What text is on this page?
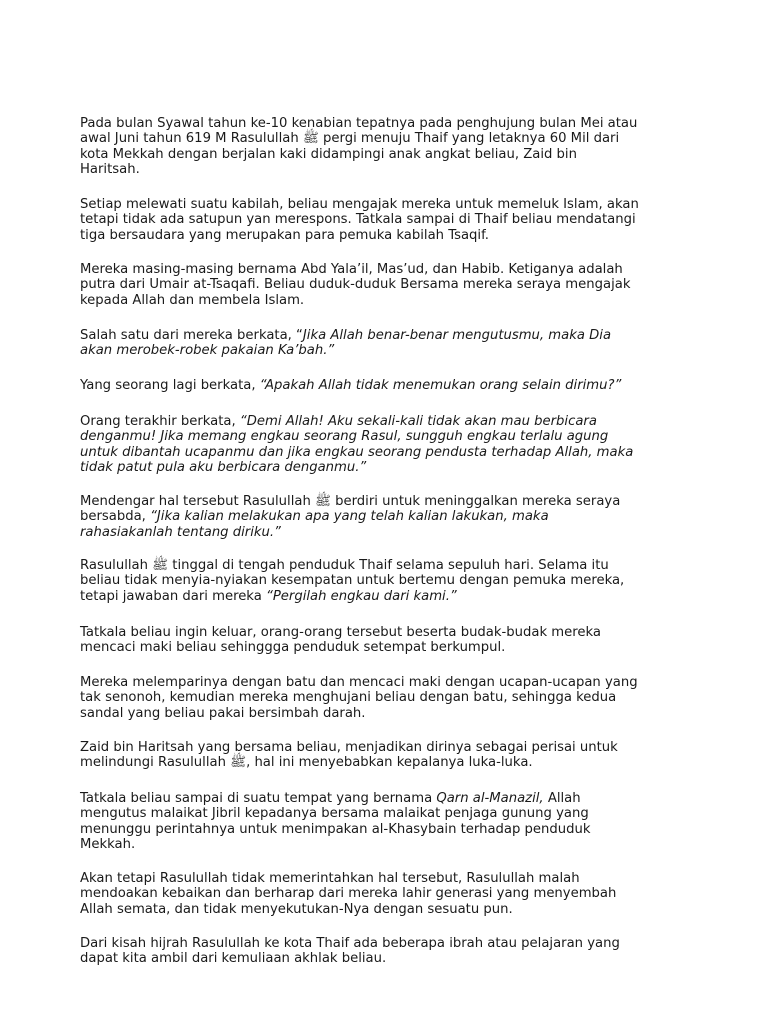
Pada bulan Syawal tahun ke-10 kenabian tepatnya pada penghujung bulan Mei atau
awal Juni tahun 619 M Rasulullah ﷺ pergi menuju Thaif yang letaknya 60 Mil dari
kota Mekkah dengan berjalan kaki didampingi anak angkat beliau, Zaid bin
Haritsah.

Setiap melewati suatu kabilah, beliau mengajak mereka untuk memeluk Islam, akan
tetapi tidak ada satupun yan merespons. Tatkala sampai di Thaif beliau mendatangi
tiga bersaudara yang merupakan para pemuka kabilah Tsaqif.

Mereka masing-masing bernama Abd Yala’il, Mas’ud, dan Habib. Ketiganya adalah
putra dari Umair at-Tsaqafi. Beliau duduk-duduk Bersama mereka seraya mengajak
kepada Allah dan membela Islam.

Salah satu dari mereka berkata, “Jika Allah benar-benar mengutusmu, maka Dia
akan merobek-robek pakaian Ka’bah.”

Yang seorang lagi berkata, “Apakah Allah tidak menemukan orang selain dirimu?”

Orang terakhir berkata, “Demi Allah! Aku sekali-kali tidak akan mau berbicara
denganmu! Jika memang engkau seorang Rasul, sungguh engkau terlalu agung
untuk dibantah ucapanmu dan jika engkau seorang pendusta terhadap Allah, maka
tidak patut pula aku berbicara denganmu.”

Mendengar hal tersebut Rasulullah ﷺ berdiri untuk meninggalkan mereka seraya
bersabda, “Jika kalian melakukan apa yang telah kalian lakukan, maka
rahasiakanlah tentang diriku.”

Rasulullah ﷺ tinggal di tengah penduduk Thaif selama sepuluh hari. Selama itu
beliau tidak menyia-nyiakan kesempatan untuk bertemu dengan pemuka mereka,
tetapi jawaban dari mereka “Pergilah engkau dari kami.”

Tatkala beliau ingin keluar, orang-orang tersebut beserta budak-budak mereka
mencaci maki beliau sehinggga penduduk setempat berkumpul.

Mereka melemparinya dengan batu dan mencaci maki dengan ucapan-ucapan yang
tak senonoh, kemudian mereka menghujani beliau dengan batu, sehingga kedua
sandal yang beliau pakai bersimbah darah.

Zaid bin Haritsah yang bersama beliau, menjadikan dirinya sebagai perisai untuk
melindungi Rasulullah ﷺ, hal ini menyebabkan kepalanya luka-luka.

Tatkala beliau sampai di suatu tempat yang bernama Qarn al-Manazil, Allah
mengutus malaikat Jibril kepadanya bersama malaikat penjaga gunung yang
menunggu perintahnya untuk menimpakan al-Khasybain terhadap penduduk
Mekkah.

Akan tetapi Rasulullah tidak memerintahkan hal tersebut, Rasulullah malah
mendoakan kebaikan dan berharap dari mereka lahir generasi yang menyembah
Allah semata, dan tidak menyekutukan-Nya dengan sesuatu pun.

Dari kisah hijrah Rasulullah ke kota Thaif ada beberapa ibrah atau pelajaran yang
dapat kita ambil dari kemuliaan akhlak beliau.
